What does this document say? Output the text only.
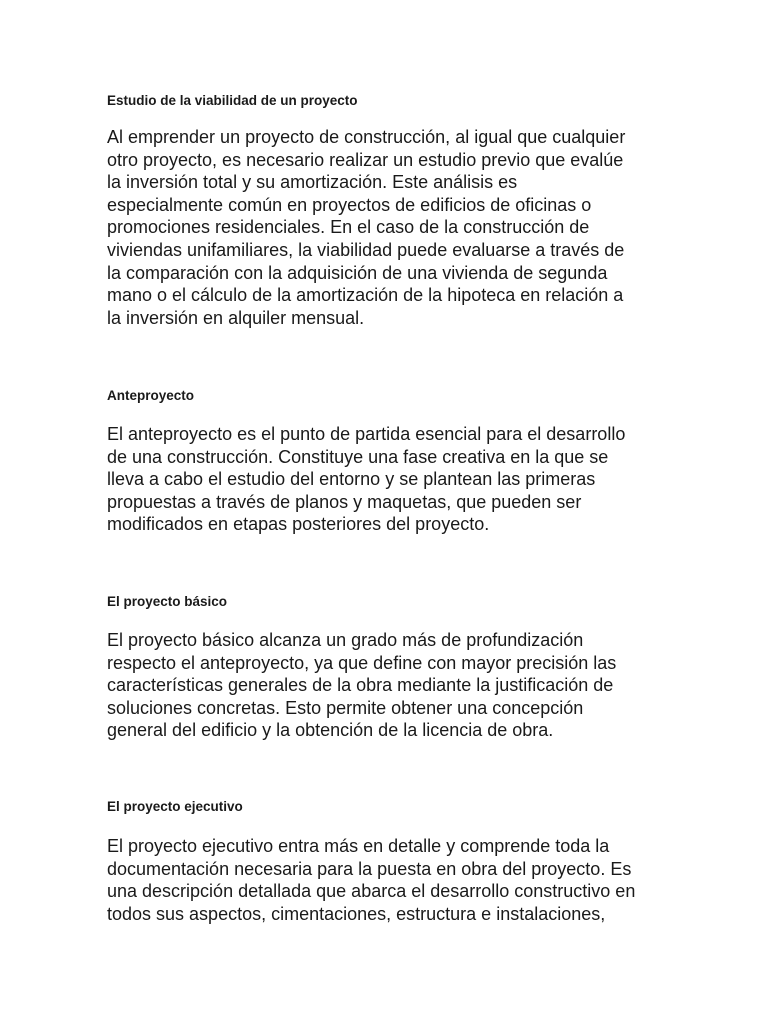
Estudio de la viabilidad de un proyecto

Al emprender un proyecto de construcción, al igual que cualquier
otro proyecto, es necesario realizar un estudio previo que evalúe
la inversión total y su amortización. Este análisis es
especialmente común en proyectos de edificios de oficinas o
promociones residenciales. En el caso de la construcción de
viviendas unifamiliares, la viabilidad puede evaluarse a través de
la comparación con la adquisición de una vivienda de segunda
mano o el cálculo de la amortización de la hipoteca en relación a
la inversión en alquiler mensual.

Anteproyecto

El anteproyecto es el punto de partida esencial para el desarrollo
de una construcción. Constituye una fase creativa en la que se
lleva a cabo el estudio del entorno y se plantean las primeras
propuestas a través de planos y maquetas, que pueden ser
modificados en etapas posteriores del proyecto.

El proyecto básico

El proyecto básico alcanza un grado más de profundización
respecto el anteproyecto, ya que define con mayor precisión las
características generales de la obra mediante la justificación de
soluciones concretas. Esto permite obtener una concepción
general del edificio y la obtención de la licencia de obra.

El proyecto ejecutivo

El proyecto ejecutivo entra más en detalle y comprende toda la
documentación necesaria para la puesta en obra del proyecto. Es
una descripción detallada que abarca el desarrollo constructivo en
todos sus aspectos, cimentaciones, estructura e instalaciones,
